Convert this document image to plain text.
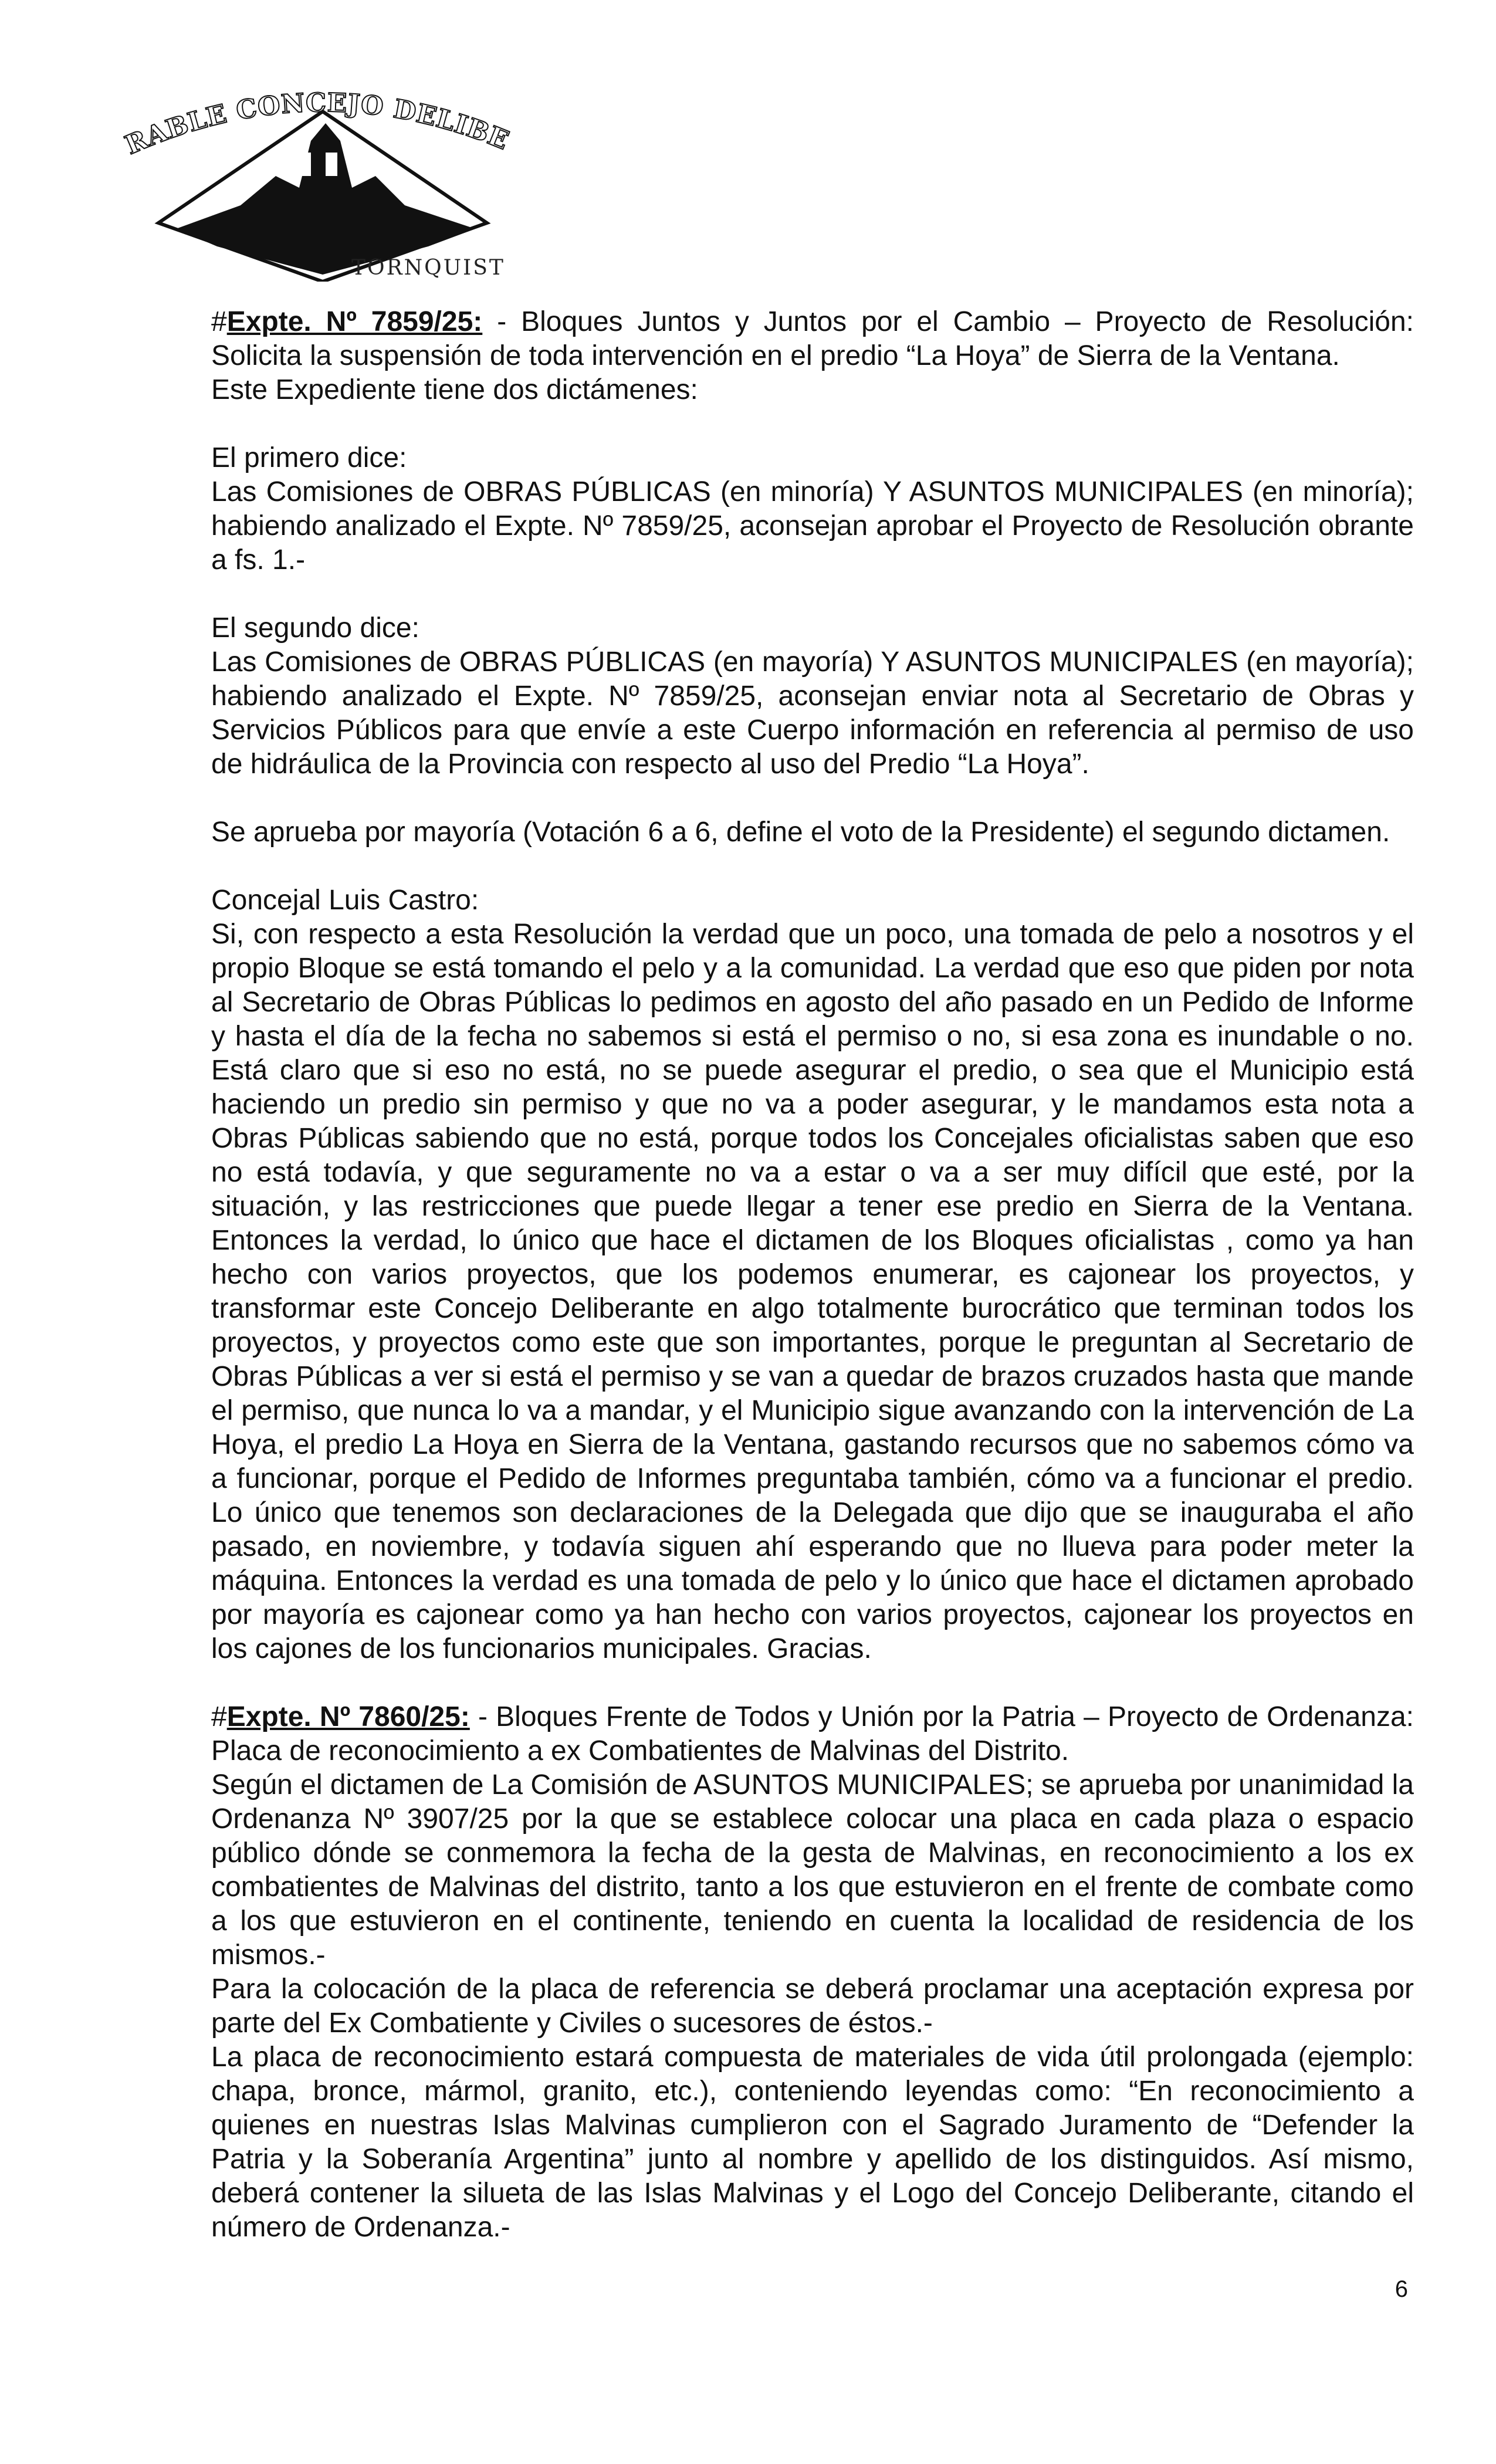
RABLE CONCEJO DELIBE
TORNQUIST

#Expte. Nº 7859/25: - Bloques Juntos y Juntos por el Cambio – Proyecto de Resolución: Solicita la suspensión de toda intervención en el predio “La Hoya” de Sierra de la Ventana.

Este Expediente tiene dos dictámenes:

El primero dice:

Las Comisiones de OBRAS PÚBLICAS (en minoría) Y ASUNTOS MUNICIPALES (en minoría); habiendo analizado el Expte. Nº 7859/25, aconsejan aprobar el Proyecto de Resolución obrante a fs. 1.-

El segundo dice:

Las Comisiones de OBRAS PÚBLICAS (en mayoría) Y ASUNTOS MUNICIPALES (en mayoría); habiendo analizado el Expte. Nº 7859/25, aconsejan enviar nota al Secretario de Obras y Servicios Públicos para que envíe a este Cuerpo información en referencia al permiso de uso de hidráulica de la Provincia con respecto al uso del Predio “La Hoya”.

Se aprueba por mayoría (Votación 6 a 6, define el voto de la Presidente) el segundo dictamen.

Concejal Luis Castro:

Si, con respecto a esta Resolución la verdad que un poco, una tomada de pelo a nosotros y el propio Bloque se está tomando el pelo y a la comunidad. La verdad que eso que piden por nota al Secretario de Obras Públicas lo pedimos en agosto del año pasado en un Pedido de Informe y hasta el día de la fecha no sabemos si está el permiso o no, si esa zona es inundable o no. Está claro que si eso no está, no se puede asegurar el predio, o sea que el Municipio está haciendo un predio sin permiso y que no va a poder asegurar, y le mandamos esta nota a Obras Públicas sabiendo que no está, porque todos los Concejales oficialistas saben que eso no está todavía, y que seguramente no va a estar o va a ser muy difícil que esté, por la situación, y las restricciones que puede llegar a tener ese predio en Sierra de la Ventana. Entonces la verdad, lo único que hace el dictamen de los Bloques oficialistas , como ya han hecho con varios proyectos, que los podemos enumerar, es cajonear los proyectos, y transformar este Concejo Deliberante en algo totalmente burocrático que terminan todos los proyectos, y proyectos como este que son importantes, porque le preguntan al Secretario de Obras Públicas a ver si está el permiso y se van a quedar de brazos cruzados hasta que mande el permiso, que nunca lo va a mandar, y el Municipio sigue avanzando con la intervención de La Hoya, el predio La Hoya en Sierra de la Ventana, gastando recursos que no sabemos cómo va a funcionar, porque el Pedido de Informes preguntaba también, cómo va a funcionar el predio. Lo único que tenemos son declaraciones de la Delegada que dijo que se inauguraba el año pasado, en noviembre, y todavía siguen ahí esperando que no llueva para poder meter la máquina. Entonces la verdad es una tomada de pelo y lo único que hace el dictamen aprobado por mayoría es cajonear como ya han hecho con varios proyectos, cajonear los proyectos en los cajones de los funcionarios municipales. Gracias.

#Expte. Nº 7860/25: - Bloques Frente de Todos y Unión por la Patria – Proyecto de Ordenanza: Placa de reconocimiento a ex Combatientes de Malvinas del Distrito.

Según el dictamen de La Comisión de ASUNTOS MUNICIPALES; se aprueba por unanimidad la Ordenanza Nº 3907/25 por la que se establece colocar una placa en cada plaza o espacio público dónde se conmemora la fecha de la gesta de Malvinas, en reconocimiento a los ex combatientes de Malvinas del distrito, tanto a los que estuvieron en el frente de combate como a los que estuvieron en el continente, teniendo en cuenta la localidad de residencia de los mismos.-

Para la colocación de la placa de referencia se deberá proclamar una aceptación expresa por parte del Ex Combatiente y Civiles o sucesores de éstos.-

La placa de reconocimiento estará compuesta de materiales de vida útil prolongada (ejemplo: chapa, bronce, mármol, granito, etc.), conteniendo leyendas como: “En reconocimiento a quienes en nuestras Islas Malvinas cumplieron con el Sagrado Juramento de “Defender la Patria y la Soberanía Argentina” junto al nombre y apellido de los distinguidos. Así mismo, deberá contener la silueta de las Islas Malvinas y el Logo del Concejo Deliberante, citando el número de Ordenanza.-

6
